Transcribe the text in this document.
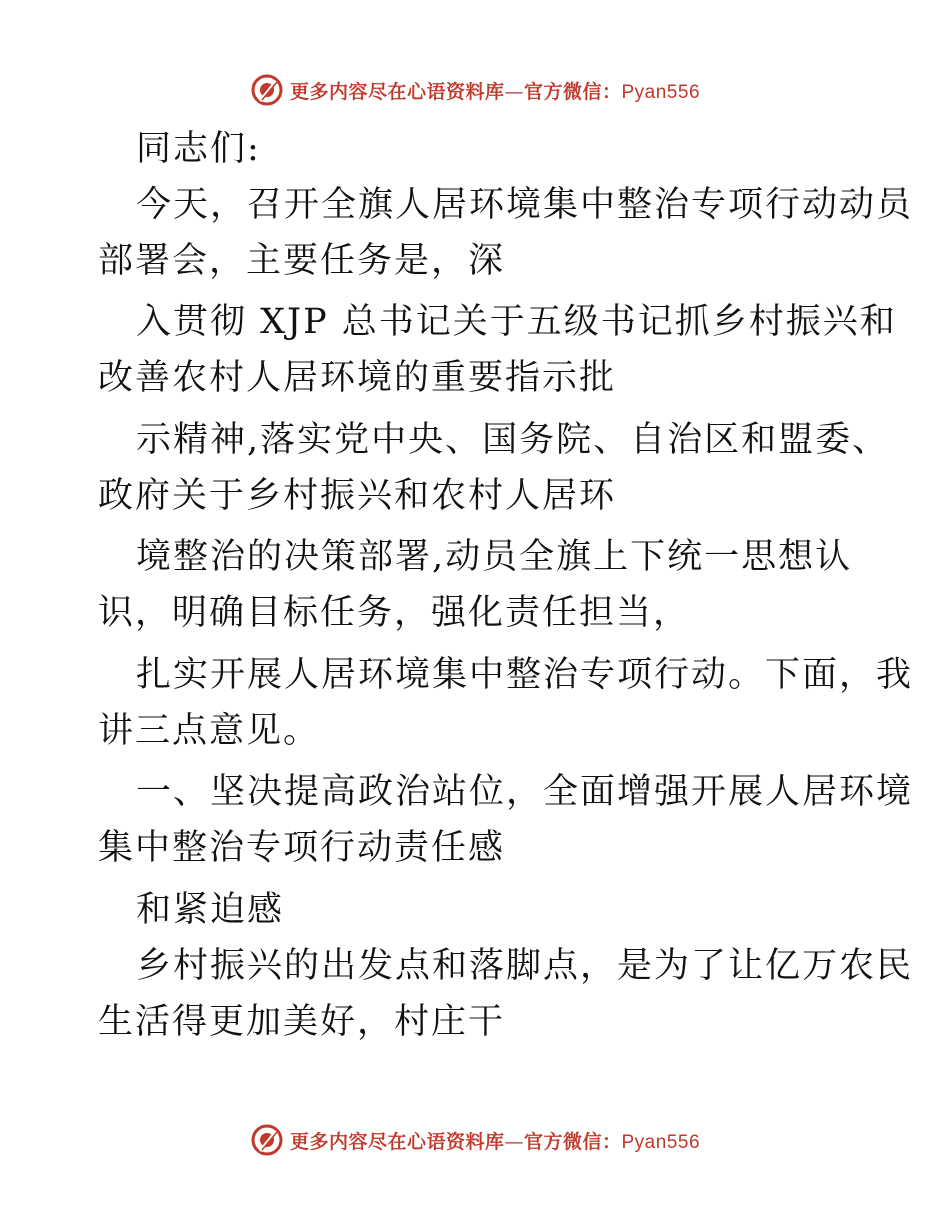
更多内容尽在心语资料库—官方微信：Pyan556
同志们:
今天，召开全旗人居环境集中整治专项行动动员
部署会，主要任务是，深
入贯彻 XJP 总书记关于五级书记抓乡村振兴和
改善农村人居环境的重要指示批
示精神,落实党中央、国务院、自治区和盟委、
政府关于乡村振兴和农村人居环
境整治的决策部署,动员全旗上下统一思想认
识，明确目标任务，强化责任担当，
扎实开展人居环境集中整治专项行动。下面，我
讲三点意见。
一、坚决提高政治站位，全面增强开展人居环境
集中整治专项行动责任感
和紧迫感
乡村振兴的出发点和落脚点，是为了让亿万农民
生活得更加美好，村庄干
更多内容尽在心语资料库—官方微信：Pyan556
